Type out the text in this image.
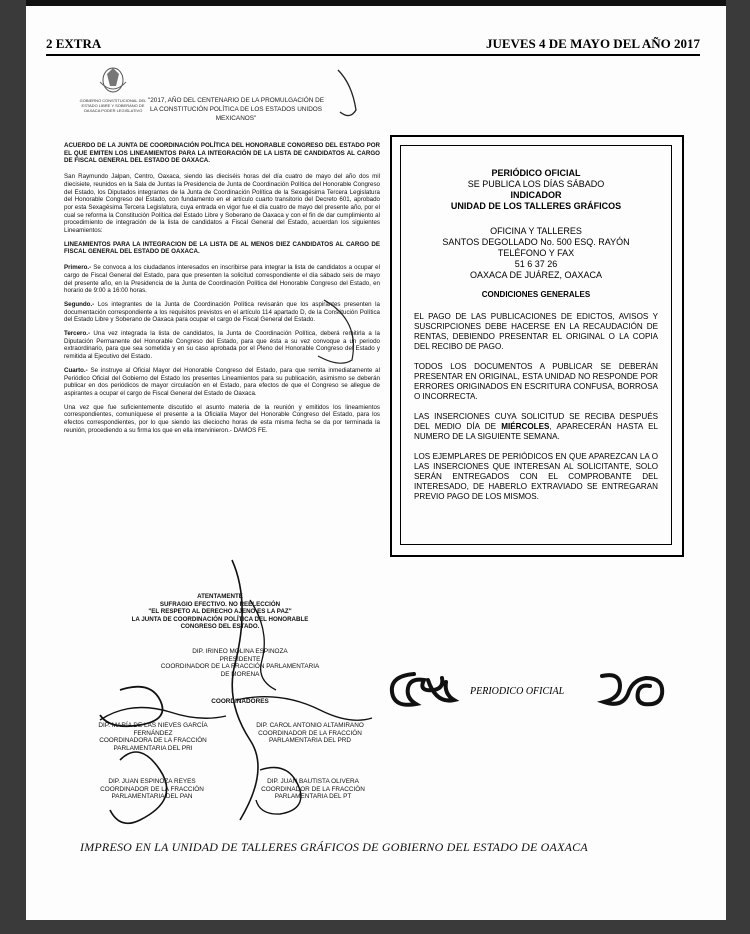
2 EXTRA	JUEVES 4 DE MAYO DEL AÑO 2017
GOBIERNO CONSTITUCIONAL DEL ESTADO LIBRE Y SOBERANO DE OAXACA PODER LEGISLATIVO
"2017, AÑO DEL CENTENARIO DE LA PROMULGACIÓN DE LA CONSTITUCIÓN POLÍTICA DE LOS ESTADOS UNIDOS MEXICANOS"

ACUERDO DE LA JUNTA DE COORDINACIÓN POLÍTICA DEL HONORABLE CONGRESO DEL ESTADO POR EL QUE EMITEN LOS LINEAMIENTOS PARA LA INTEGRACIÓN DE LA LISTA DE CANDIDATOS AL CARGO DE FISCAL GENERAL DEL ESTADO DE OAXACA.

San Raymundo Jalpan, Centro, Oaxaca, siendo las dieciséis horas del día cuatro de mayo del año dos mil diecisiete, reunidos en la Sala de Juntas la Presidencia de Junta de Coordinación Política del Honorable Congreso del Estado, los Diputados integrantes de la Junta de Coordinación Política de la Sexagésima Tercera Legislatura del Honorable Congreso del Estado, con fundamento en el artículo cuarto transitorio del Decreto 601, aprobado por esta Sexagésima Tercera Legislatura, cuya entrada en vigor fue el día cuatro de mayo del presente año, por el cual se reforma la Constitución Política del Estado Libre y Soberano de Oaxaca y con el fin de dar cumplimiento al procedimiento de integración de la lista de candidatos a Fiscal General del Estado, acuerdan los siguientes Lineamientos:

LINEAMIENTOS PARA LA INTEGRACION DE LA LISTA DE AL MENOS DIEZ CANDIDATOS AL CARGO DE FISCAL GENERAL DEL ESTADO DE OAXACA.

Primero.- Se convoca a los ciudadanos interesados en inscribirse para integrar la lista de candidatos a ocupar el cargo de Fiscal General del Estado, para que presenten la solicitud correspondiente el día sábado seis de mayo del presente año, en la Presidencia de la Junta de Coordinación Política del Honorable Congreso del Estado, en horario de 9:00 a 16:00 horas.

Segundo.- Los integrantes de la Junta de Coordinación Política revisarán que los aspirantes presenten la documentación correspondiente a los requisitos previstos en el artículo 114 apartado D, de la Constitución Política del Estado Libre y Soberano de Oaxaca para ocupar el cargo de Fiscal General del Estado.

Tercero.- Una vez integrada la lista de candidatos, la Junta de Coordinación Política, deberá remitirla a la Diputación Permanente del Honorable Congreso del Estado, para que ésta a su vez convoque a un periodo extraordinario, para que sea sometida y en su caso aprobada por el Pleno del Honorable Congreso del Estado y remitida al Ejecutivo del Estado.

Cuarto.- Se instruye al Oficial Mayor del Honorable Congreso del Estado, para que remita inmediatamente al Periódico Oficial del Gobierno del Estado los presentes Lineamientos para su publicación, asimismo se deberán publicar en dos periódicos de mayor circulación en el Estado, para efectos de que el Congreso se allegue de aspirantes a ocupar el cargo de Fiscal General del Estado de Oaxaca.

Una vez que fue suficientemente discutido el asunto materia de la reunión y emitidos los lineamientos correspondientes, comuníquese el presente a la Oficialía Mayor del Honorable Congreso del Estado, para los efectos correspondientes, por lo que siendo las dieciocho horas de esta misma fecha se da por terminada la reunión, procediendo a su firma los que en ella intervinieron.- DAMOS FE.

ATENTAMENTE
SUFRAGIO EFECTIVO. NO REELECCIÓN
"EL RESPETO AL DERECHO AJENO ES LA PAZ"
LA JUNTA DE COORDINACIÓN POLÍTICA DEL HONORABLE
CONGRESO DEL ESTADO.
DIP. IRINEO MOLINA ESPINOZA
PRESIDENTE
COORDINADOR DE LA FRACCIÓN PARLAMENTARIA
DE MORENA
COORDINADORES
DIP. MARÍA DE LAS NIEVES GARCÍA FERNÁNDEZ
COORDINADORA DE LA FRACCIÓN PARLAMENTARIA DEL PRI
DIP. CAROL ANTONIO ALTAMIRANO
COORDINADOR DE LA FRACCIÓN PARLAMENTARIA DEL PRD
DIP. JUAN ESPINOZA REYES
COORDINADOR DE LA FRACCIÓN PARLAMENTARIA DEL PAN
DIP. JUAN BAUTISTA OLIVERA
COORDINADOR DE LA FRACCIÓN PARLAMENTARIA DEL PT
PERIÓDICO OFICIAL
SE PUBLICA LOS DÍAS SÁBADO
INDICADOR
UNIDAD DE LOS TALLERES GRÁFICOS
OFICINA Y TALLERES
SANTOS DEGOLLADO No. 500 ESQ. RAYÓN
TELÉFONO Y FAX
51 6 37 26
OAXACA DE JUÁREZ, OAXACA
CONDICIONES GENERALES

EL PAGO DE LAS PUBLICACIONES DE EDICTOS, AVISOS Y SUSCRIPCIONES DEBE HACERSE EN LA RECAUDACIÓN DE RENTAS, DEBIENDO PRESENTAR EL ORIGINAL O LA COPIA DEL RECIBO DE PAGO.

TODOS LOS DOCUMENTOS A PUBLICAR SE DEBERÁN PRESENTAR EN ORIGINAL, ESTA UNIDAD NO RESPONDE POR ERRORES ORIGINADOS EN ESCRITURA CONFUSA, BORROSA O INCORRECTA.

LAS INSERCIONES CUYA SOLICITUD SE RECIBA DESPUÉS DEL MEDIO DÍA DE MIÉRCOLES, APARECERÁN HASTA EL NUMERO DE LA SIGUIENTE SEMANA.

LOS EJEMPLARES DE PERIÓDICOS EN QUE APAREZCAN LA O LAS INSERCIONES QUE INTERESAN AL SOLICITANTE, SOLO SERÁN ENTREGADOS CON EL COMPROBANTE DEL INTERESADO, DE HABERLO EXTRAVIADO SE ENTREGARAN PREVIO PAGO DE LOS MISMOS.

PERIODICO OFICIAL
IMPRESO EN LA UNIDAD DE TALLERES GRÁFICOS DE GOBIERNO DEL ESTADO DE OAXACA
